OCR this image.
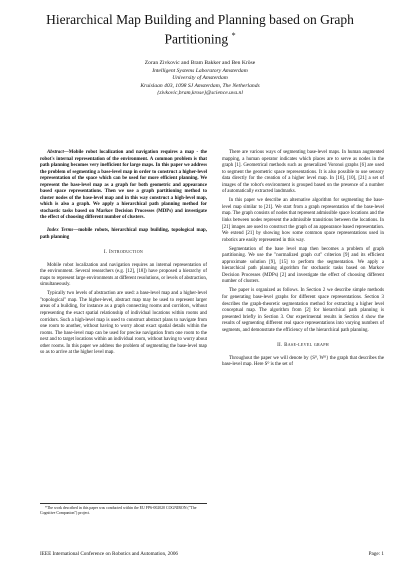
Hierarchical Map Building and Planning based on Graph Partitioning *
Zoran Zivkovic and Bram Bakker and Ben Kröse
Intelligent Systems Laboratory Amsterdam
University of Amsterdam
Kruislaan 403, 1098 SJ Amsterdam, The Netherlands
{zivkovic,bram,krose}@science.uva.nl

Abstract—Mobile robot localization and navigation requires a map - the robot's internal representation of the environment. A common problem is that path planning becomes very inefficient for large maps. In this paper we address the problem of segmenting a base-level map in order to construct a higher-level representation of the space which can be used for more efficient planning. We represent the base-level map as a graph for both geometric and appearance based space representations. Then we use a graph partitioning method to cluster nodes of the base-level map and in this way construct a high-level map, which is also a graph. We apply a hierarchical path planning method for stochastic tasks based on Markov Decision Processes (MDPs) and investigate the effect of choosing different number of clusters.

Index Terms—mobile robots, hierarchical map building, topological map, path planning

I. Introduction

Mobile robot localization and navigation requires an internal representation of the environment. Several researchers (e.g. [12], [18]) have proposed a hierarchy of maps to represent large environments at different resolutions, or levels of abstraction, simultaneously.

Typically two levels of abstraction are used: a base-level map and a higher-level "topological" map. The higher-level, abstract map may be used to represent larger areas of a building, for instance as a graph connecting rooms and corridors, without representing the exact spatial relationship of individual locations within rooms and corridors. Such a high-level map is used to construct abstract plans to navigate from one room to another, without having to worry about exact spatial details within the rooms. The base-level map can be used for precise navigation from one room to the next and to target locations within an individual room, without having to worry about other rooms. In this paper we address the problem of segmenting the base-level map so as to arrive at the higher level map.

*The work described in this paper was conducted within the EU FP6-002020 COGNIRON ("The Cognitive Companion") project.

There are various ways of segmenting base-level maps. In human augmented mapping, a human operator indicates which places are to serve as nodes in the graph [1]. Geometrical methods such as generalized Voronoi graphs [6] are used to segment the geometric space representations. It is also possible to use sensory data directly for the creation of a higher level map. In [16], [10], [21] a set of images of the robot's environment is grouped based on the presence of a number of automatically extracted landmarks.

In this paper we describe an alternative algorithm for segmenting the base-level map similar to [21]. We start from a graph representation of the base-level map. The graph consists of nodes that represent admissible space locations and the links between nodes represent the admissible transitions between the locations. In [21] images are used to construct the graph of an appearance based representation. We extend [21] by showing how some common space representations used in robotics are easily represented in this way.

Segmentation of the base level map then becomes a problem of graph partitioning. We use the "normalized graph cut" criterion [9] and its efficient approximate solution [9], [15] to perform the segmentation. We apply a hierarchical path planning algorithm for stochastic tasks based on Markov Decision Processes (MDPs) [2] and investigate the effect of choosing different number of clusters.

The paper is organized as follows. In Section 2 we describe simple methods for generating base-level graphs for different space representations. Section 3 describes the graph-theoretic segmentation method for extracting a higher level conceptual map. The algorithm from [2] for hierarchical path planning is presented briefly in Section 3. Our experimental results in Section 4 show the results of segmenting different real space representations into varying numbers of segments, and demonstrate the efficiency of the hierarchical path planning.

II. Base-level graph

Throughout the paper we will denote by {S⁰, W⁰} the graph that describes the base-level map. Here S⁰ is the set of

IEEE International Conference on Robotics and Automation, 2006	Page: 1
